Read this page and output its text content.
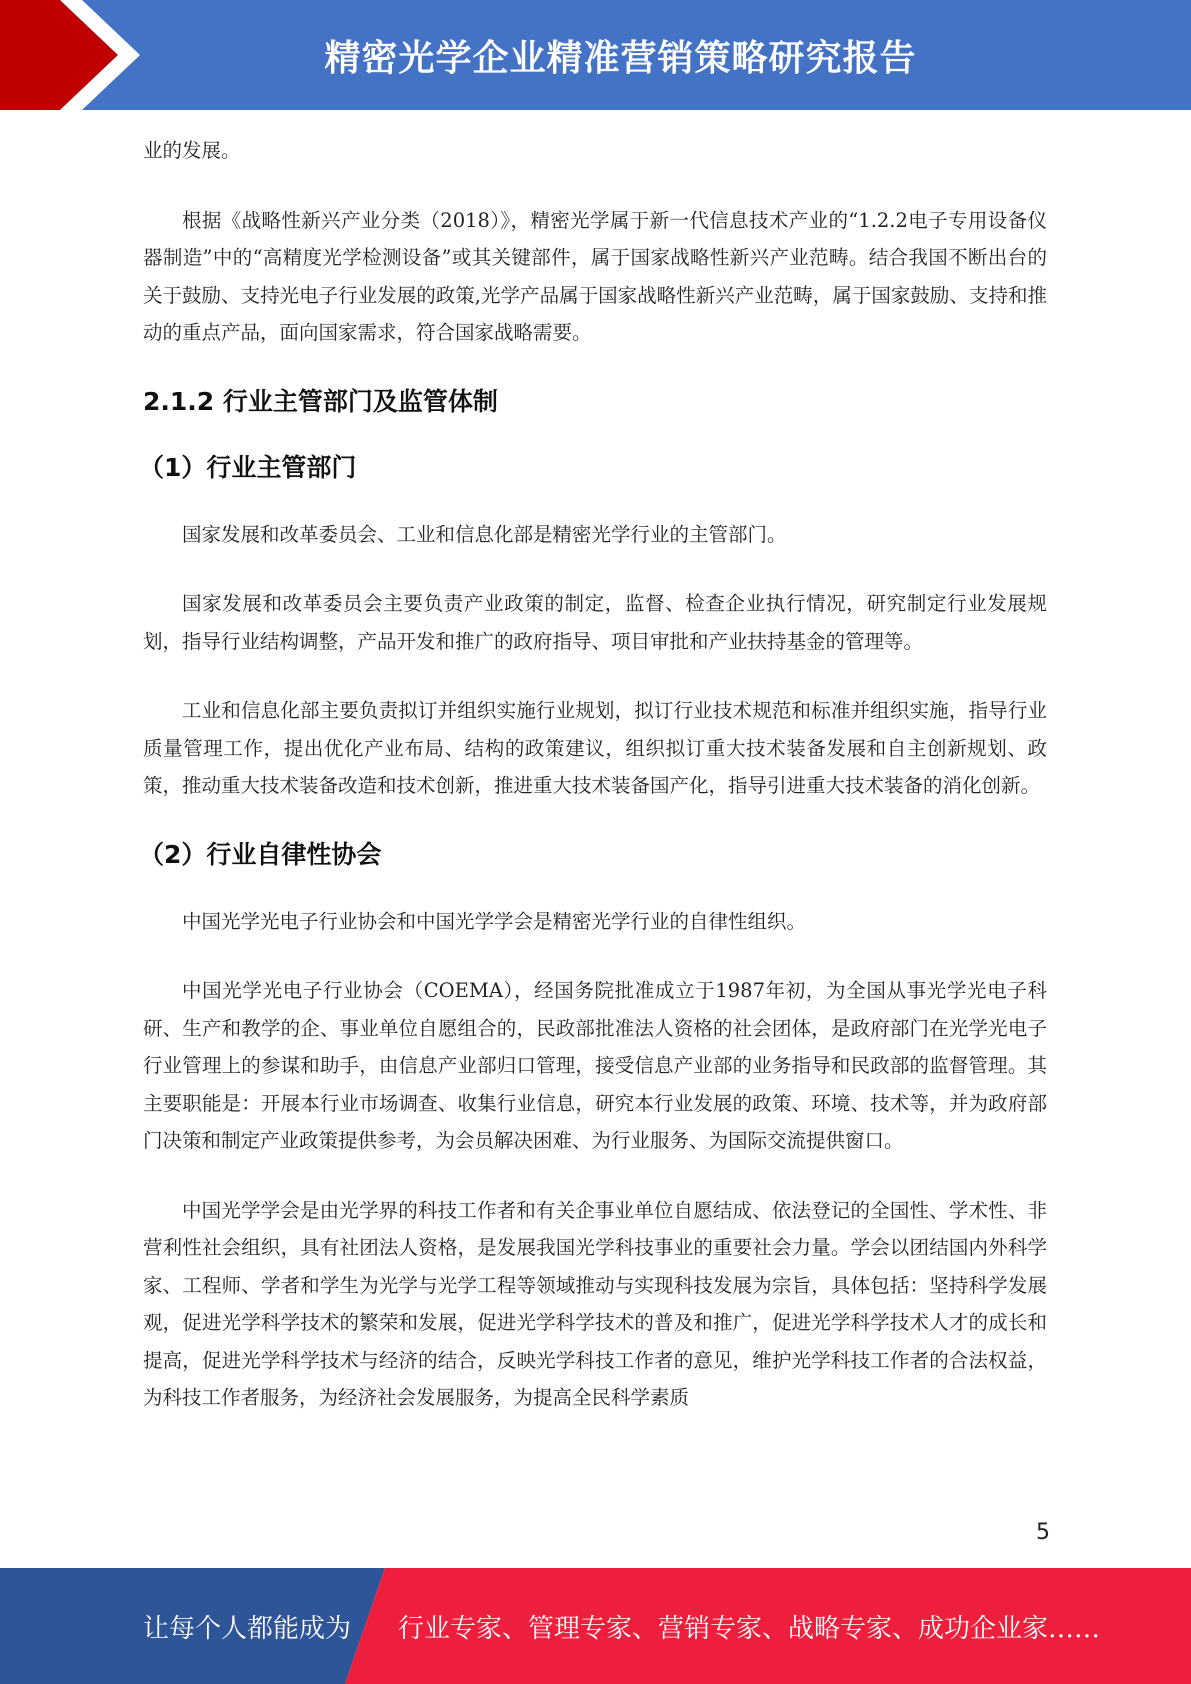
精密光学企业精准营销策略研究报告

业的发展。

根据《战略性新兴产业分类（2018）》，精密光学属于新一代信息技术产业的“1.2.2电子专用设备仪器制造”中的“高精度光学检测设备”或其关键部件，属于国家战略性新兴产业范畴。结合我国不断出台的关于鼓励、支持光电子行业发展的政策,光学产品属于国家战略性新兴产业范畴，属于国家鼓励、支持和推动的重点产品，面向国家需求，符合国家战略需要。

2.1.2 行业主管部门及监管体制
（1）行业主管部门

国家发展和改革委员会、工业和信息化部是精密光学行业的主管部门。

国家发展和改革委员会主要负责产业政策的制定，监督、检查企业执行情况，研究制定行业发展规划，指导行业结构调整，产品开发和推广的政府指导、项目审批和产业扶持基金的管理等。

工业和信息化部主要负责拟订并组织实施行业规划，拟订行业技术规范和标准并组织实施，指导行业质量管理工作，提出优化产业布局、结构的政策建议，组织拟订重大技术装备发展和自主创新规划、政策，推动重大技术装备改造和技术创新，推进重大技术装备国产化，指导引进重大技术装备的消化创新。

（2）行业自律性协会

中国光学光电子行业协会和中国光学学会是精密光学行业的自律性组织。

中国光学光电子行业协会（COEMA），经国务院批准成立于1987年初，为全国从事光学光电子科研、生产和教学的企、事业单位自愿组合的，民政部批准法人资格的社会团体，是政府部门在光学光电子行业管理上的参谋和助手，由信息产业部归口管理，接受信息产业部的业务指导和民政部的监督管理。其主要职能是：开展本行业市场调查、收集行业信息，研究本行业发展的政策、环境、技术等，并为政府部门决策和制定产业政策提供参考，为会员解决困难、为行业服务、为国际交流提供窗口。

中国光学学会是由光学界的科技工作者和有关企事业单位自愿结成、依法登记的全国性、学术性、非营利性社会组织，具有社团法人资格，是发展我国光学科技事业的重要社会力量。学会以团结国内外科学家、工程师、学者和学生为光学与光学工程等领域推动与实现科技发展为宗旨，具体包括：坚持科学发展观，促进光学科学技术的繁荣和发展，促进光学科学技术的普及和推广，促进光学科学技术人才的成长和提高，促进光学科学技术与经济的结合，反映光学科技工作者的意见，维护光学科技工作者的合法权益，为科技工作者服务，为经济社会发展服务，为提高全民科学素质

5
让每个人都能成为 行业专家、管理专家、营销专家、战略专家、成功企业家……
